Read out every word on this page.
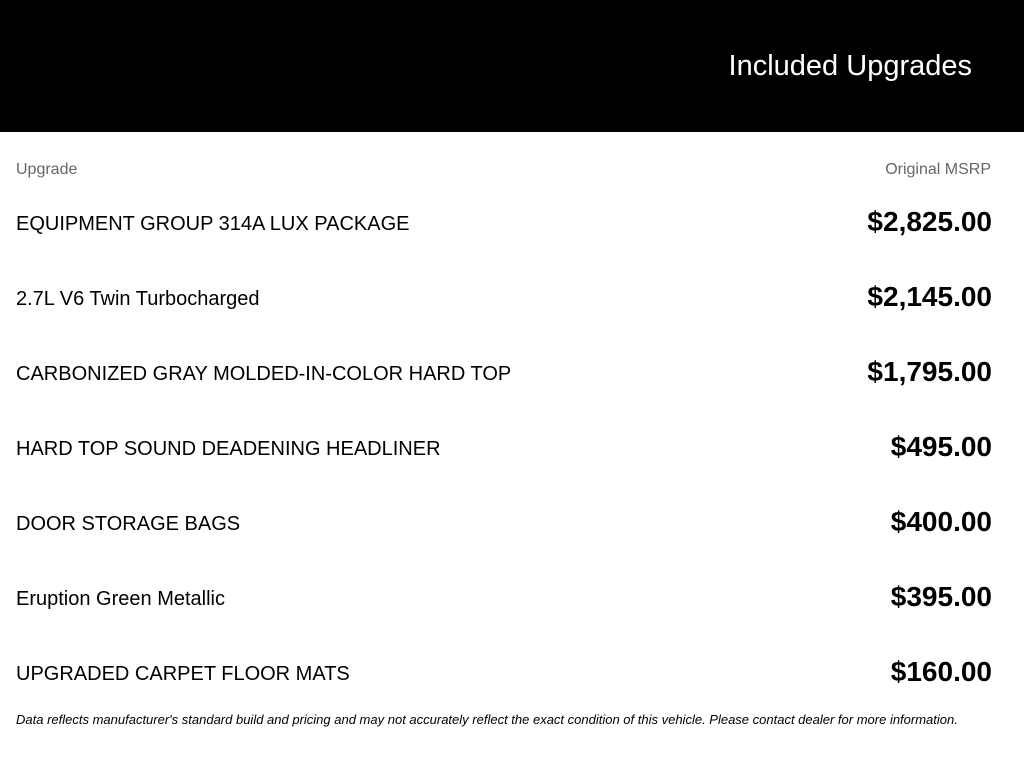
Included Upgrades
Upgrade	Original MSRP
EQUIPMENT GROUP 314A LUX PACKAGE	$2,825.00
2.7L V6 Twin Turbocharged	$2,145.00
CARBONIZED GRAY MOLDED-IN-COLOR HARD TOP	$1,795.00
HARD TOP SOUND DEADENING HEADLINER	$495.00
DOOR STORAGE BAGS	$400.00
Eruption Green Metallic	$395.00
UPGRADED CARPET FLOOR MATS	$160.00
Data reflects manufacturer's standard build and pricing and may not accurately reflect the exact condition of this vehicle. Please contact dealer for more information.
